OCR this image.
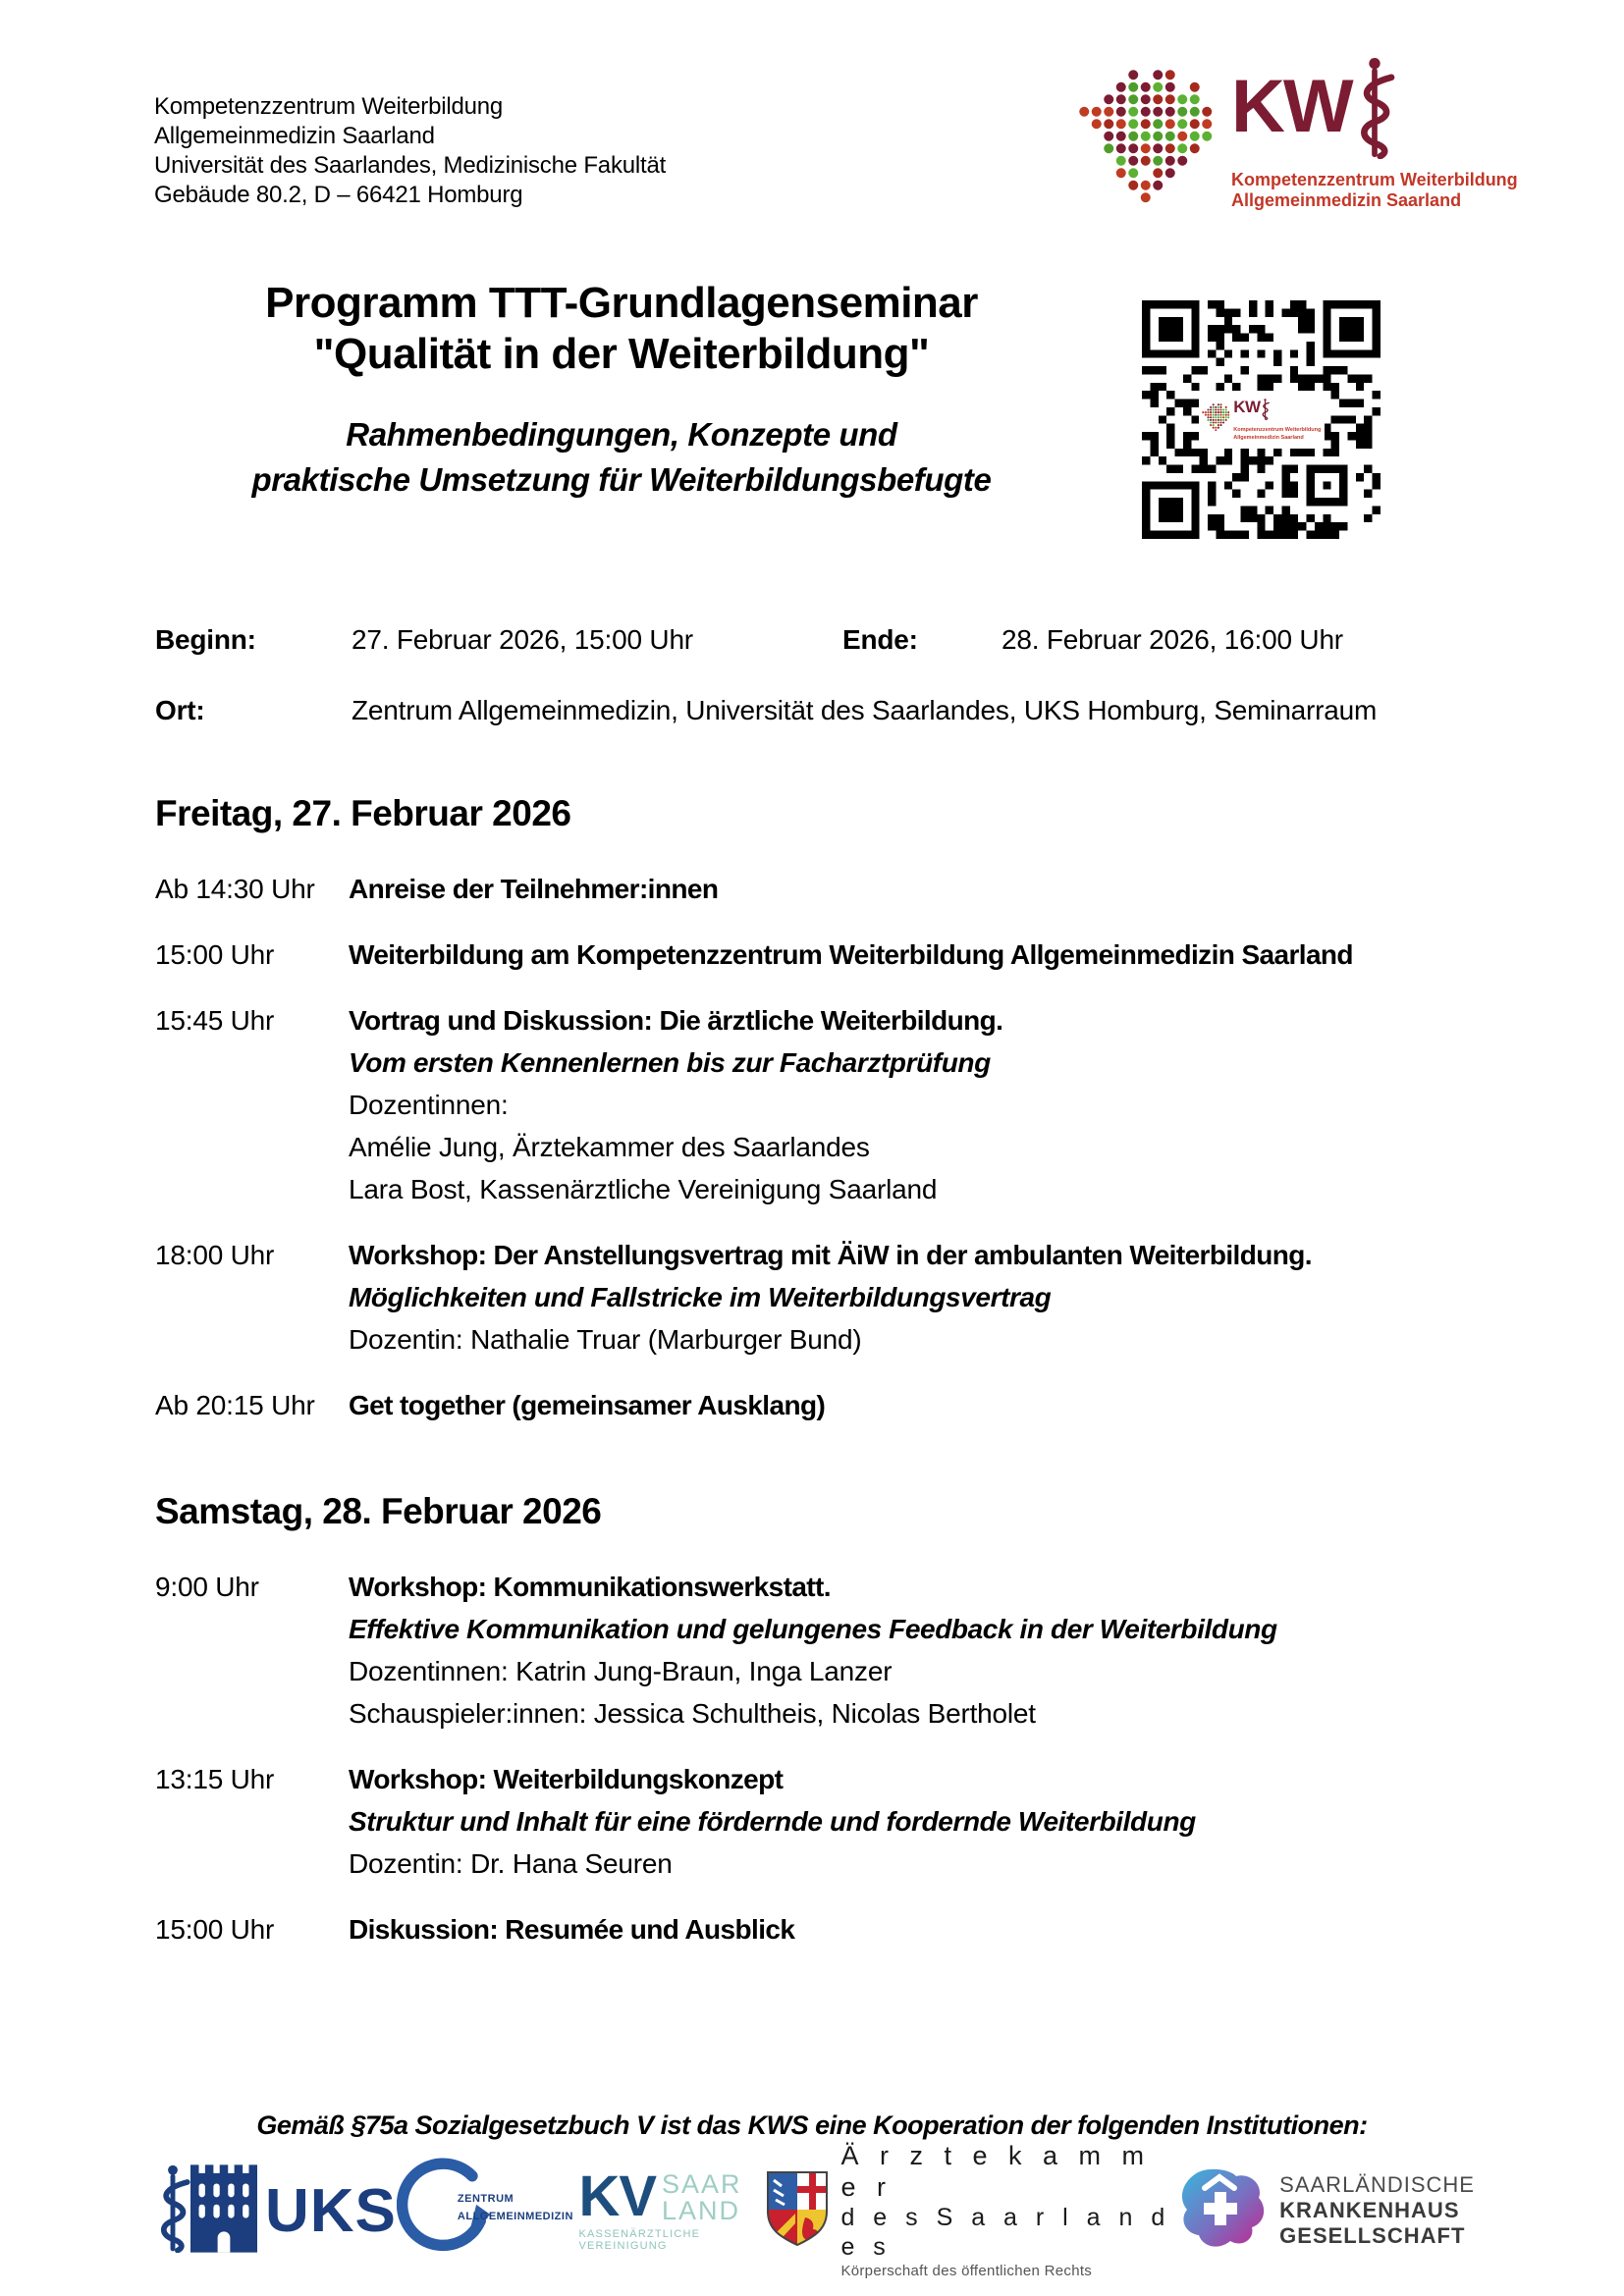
Kompetenzzentrum Weiterbildung
Allgemeinmedizin Saarland
Universität des Saarlandes, Medizinische Fakultät
Gebäude 80.2, D – 66421 Homburg
KW
Kompetenzzentrum Weiterbildung
Allgemeinmedizin Saarland
Programm TTT-Grundlagenseminar
"Qualität in der Weiterbildung"
Rahmenbedingungen, Konzepte und
praktische Umsetzung für Weiterbildungsbefugte
KW
Kompetenzzentrum Weiterbildung
Allgemeinmedizin Saarland
Beginn:	27. Februar 2026, 15:00 Uhr	Ende:	28. Februar 2026, 16:00 Uhr
Ort:	Zentrum Allgemeinmedizin, Universität des Saarlandes, UKS Homburg, Seminarraum
Freitag, 27. Februar 2026
Ab 14:30 Uhr	Anreise der Teilnehmer:innen
15:00 Uhr	Weiterbildung am Kompetenzzentrum Weiterbildung Allgemeinmedizin Saarland
15:45 Uhr	Vortrag und Diskussion: Die ärztliche Weiterbildung.
Vom ersten Kennenlernen bis zur Facharztprüfung
Dozentinnen:
Amélie Jung, Ärztekammer des Saarlandes
Lara Bost, Kassenärztliche Vereinigung Saarland
18:00 Uhr	Workshop: Der Anstellungsvertrag mit ÄiW in der ambulanten Weiterbildung.
Möglichkeiten und Fallstricke im Weiterbildungsvertrag
Dozentin: Nathalie Truar (Marburger Bund)
Ab 20:15 Uhr	Get together (gemeinsamer Ausklang)
Samstag, 28. Februar 2026
9:00 Uhr	Workshop: Kommunikationswerkstatt.
Effektive Kommunikation und gelungenes Feedback in der Weiterbildung
Dozentinnen: Katrin Jung-Braun, Inga Lanzer
Schauspieler:innen: Jessica Schultheis, Nicolas Bertholet
13:15 Uhr	Workshop: Weiterbildungskonzept
Struktur und Inhalt für eine fördernde und fordernde Weiterbildung
Dozentin: Dr. Hana Seuren
15:00 Uhr	Diskussion: Resumée und Ausblick
Gemäß §75a Sozialgesetzbuch V ist das KWS eine Kooperation der folgenden Institutionen:
UKS	ZENTRUM ALLGEMEINMEDIZIN KV SAAR
LAND
KASSENÄRZTLICHE VEREINIGUNG
Ä r z t e k a m m e r
d e s S a a r l a n d e s
Körperschaft des öffentlichen Rechts
SAARLÄNDISCHE
KRANKENHAUS
GESELLSCHAFT
